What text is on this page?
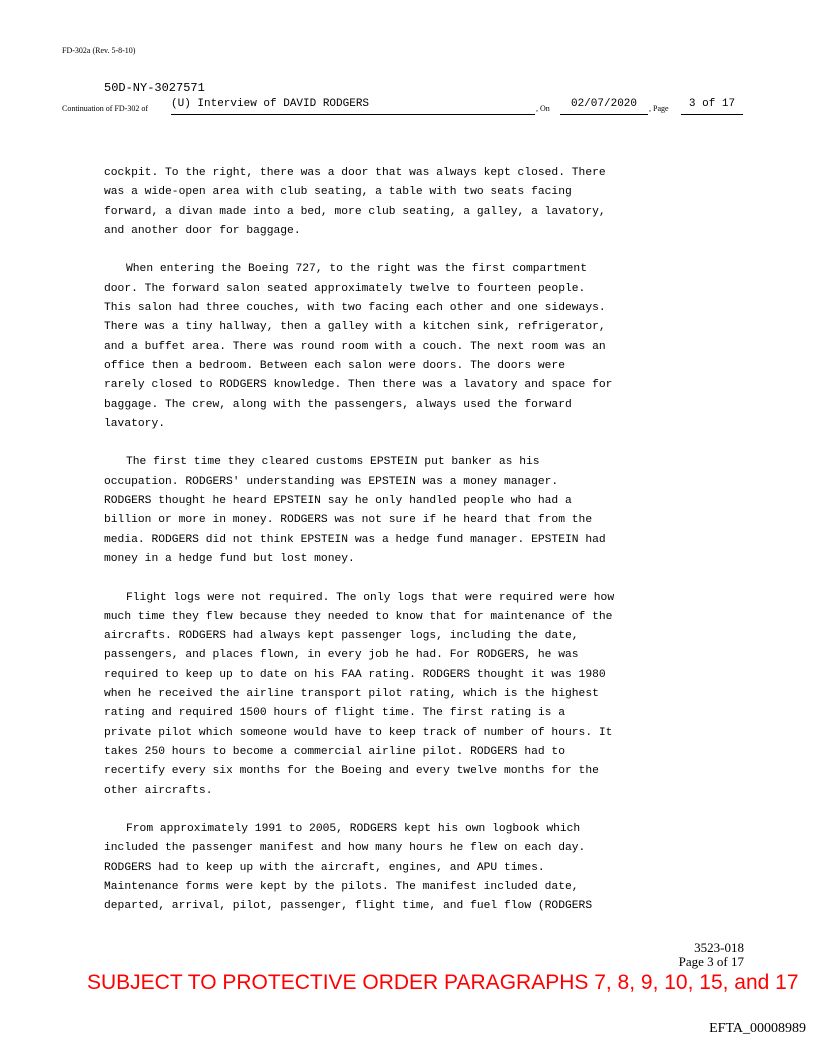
FD-302a (Rev. 5-8-10)
50D-NY-3027571
Continuation of FD-302 of (U) Interview of DAVID RODGERS	, On	02/07/2020	, Page	3 of 17

cockpit. To the right, there was a door that was always kept closed. There
was a wide-open area with club seating, a table with two seats facing
forward, a divan made into a bed, more club seating, a galley, a lavatory,
and another door for baggage.

When entering the Boeing 727, to the right was the first compartment
door. The forward salon seated approximately twelve to fourteen people.
This salon had three couches, with two facing each other and one sideways.
There was a tiny hallway, then a galley with a kitchen sink, refrigerator,
and a buffet area. There was round room with a couch. The next room was an
office then a bedroom. Between each salon were doors. The doors were
rarely closed to RODGERS knowledge. Then there was a lavatory and space for
baggage. The crew, along with the passengers, always used the forward
lavatory.

The first time they cleared customs EPSTEIN put banker as his
occupation. RODGERS' understanding was EPSTEIN was a money manager.
RODGERS thought he heard EPSTEIN say he only handled people who had a
billion or more in money. RODGERS was not sure if he heard that from the
media. RODGERS did not think EPSTEIN was a hedge fund manager. EPSTEIN had
money in a hedge fund but lost money.

Flight logs were not required. The only logs that were required were how
much time they flew because they needed to know that for maintenance of the
aircrafts. RODGERS had always kept passenger logs, including the date,
passengers, and places flown, in every job he had. For RODGERS, he was
required to keep up to date on his FAA rating. RODGERS thought it was 1980
when he received the airline transport pilot rating, which is the highest
rating and required 1500 hours of flight time. The first rating is a
private pilot which someone would have to keep track of number of hours. It
takes 250 hours to become a commercial airline pilot. RODGERS had to
recertify every six months for the Boeing and every twelve months for the
other aircrafts.

From approximately 1991 to 2005, RODGERS kept his own logbook which
included the passenger manifest and how many hours he flew on each day.
RODGERS had to keep up with the aircraft, engines, and APU times.
Maintenance forms were kept by the pilots. The manifest included date,
departed, arrival, pilot, passenger, flight time, and fuel flow (RODGERS

3523-018
Page 3 of 17
SUBJECT TO PROTECTIVE ORDER PARAGRAPHS 7, 8, 9, 10, 15, and 17
EFTA_00008989
